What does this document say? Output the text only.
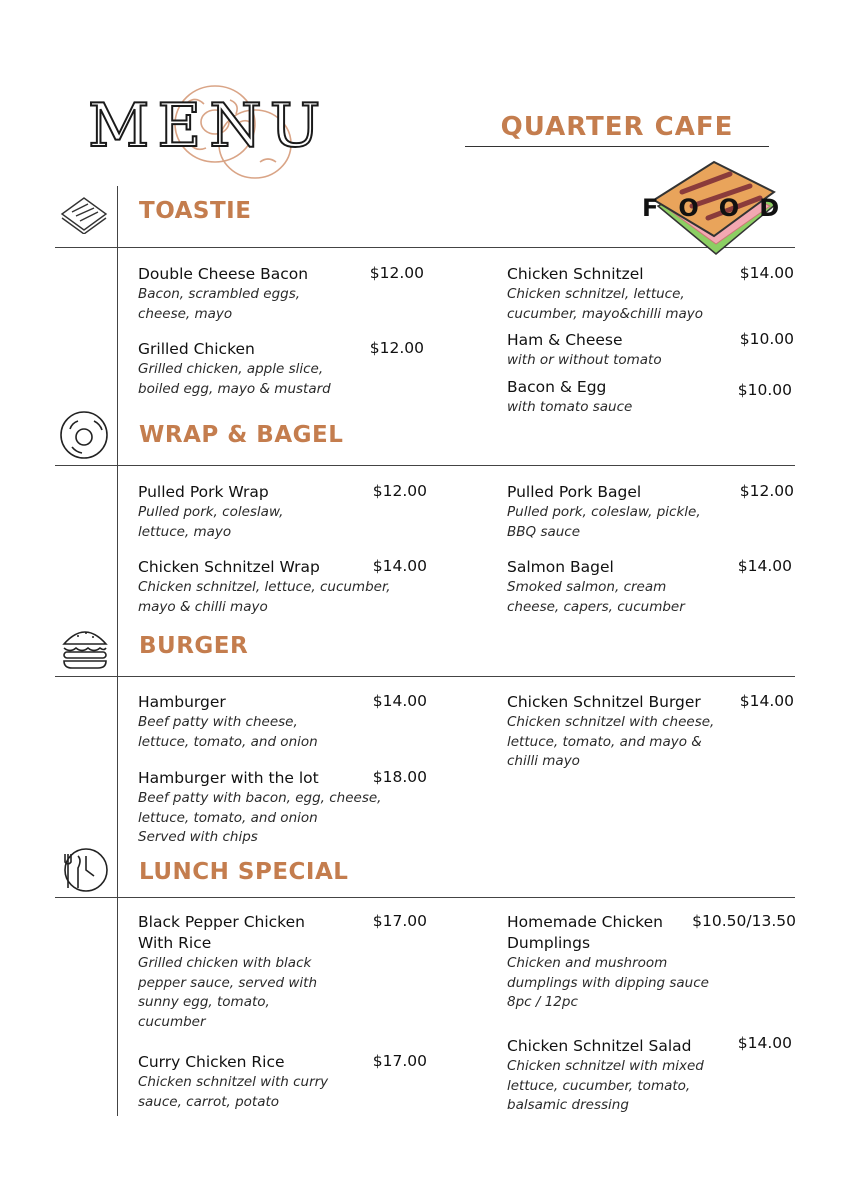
MENU	QUARTER CAFE
FOOD
TOASTIE
WRAP & BAGEL
BURGER
LUNCH SPECIAL
Double Cheese Bacon
Bacon, scrambled eggs,
cheese, mayo
$12.00
Grilled Chicken
Grilled chicken, apple slice,
boiled egg, mayo & mustard
$12.00
Chicken Schnitzel
Chicken schnitzel, lettuce,
cucumber, mayo&chilli mayo
$14.00
Ham & Cheese
with or without tomato
$10.00
Bacon & Egg
with tomato sauce
$10.00
Pulled Pork Wrap
Pulled pork, coleslaw,
lettuce, mayo
$12.00
Chicken Schnitzel Wrap
Chicken schnitzel, lettuce, cucumber,
mayo & chilli mayo
$14.00
Pulled Pork Bagel
Pulled pork, coleslaw, pickle,
BBQ sauce
$12.00
Salmon Bagel
Smoked salmon, cream
cheese, capers, cucumber
$14.00
Hamburger
Beef patty with cheese,
lettuce, tomato, and onion
$14.00
Hamburger with the lot
Beef patty with bacon, egg, cheese,
lettuce, tomato, and onion
Served with chips
$18.00
Chicken Schnitzel Burger
Chicken schnitzel with cheese,
lettuce, tomato, and mayo &
chilli mayo
$14.00
Black Pepper Chicken
With Rice
Grilled chicken with black
pepper sauce, served with
sunny egg, tomato,
cucumber
$17.00
Curry Chicken Rice
Chicken schnitzel with curry
sauce, carrot, potato
$17.00
Homemade Chicken
Dumplings
Chicken and mushroom
dumplings with dipping sauce
8pc / 12pc
$10.50/13.50
Chicken Schnitzel Salad
Chicken schnitzel with mixed
lettuce, cucumber, tomato,
balsamic dressing
$14.00
